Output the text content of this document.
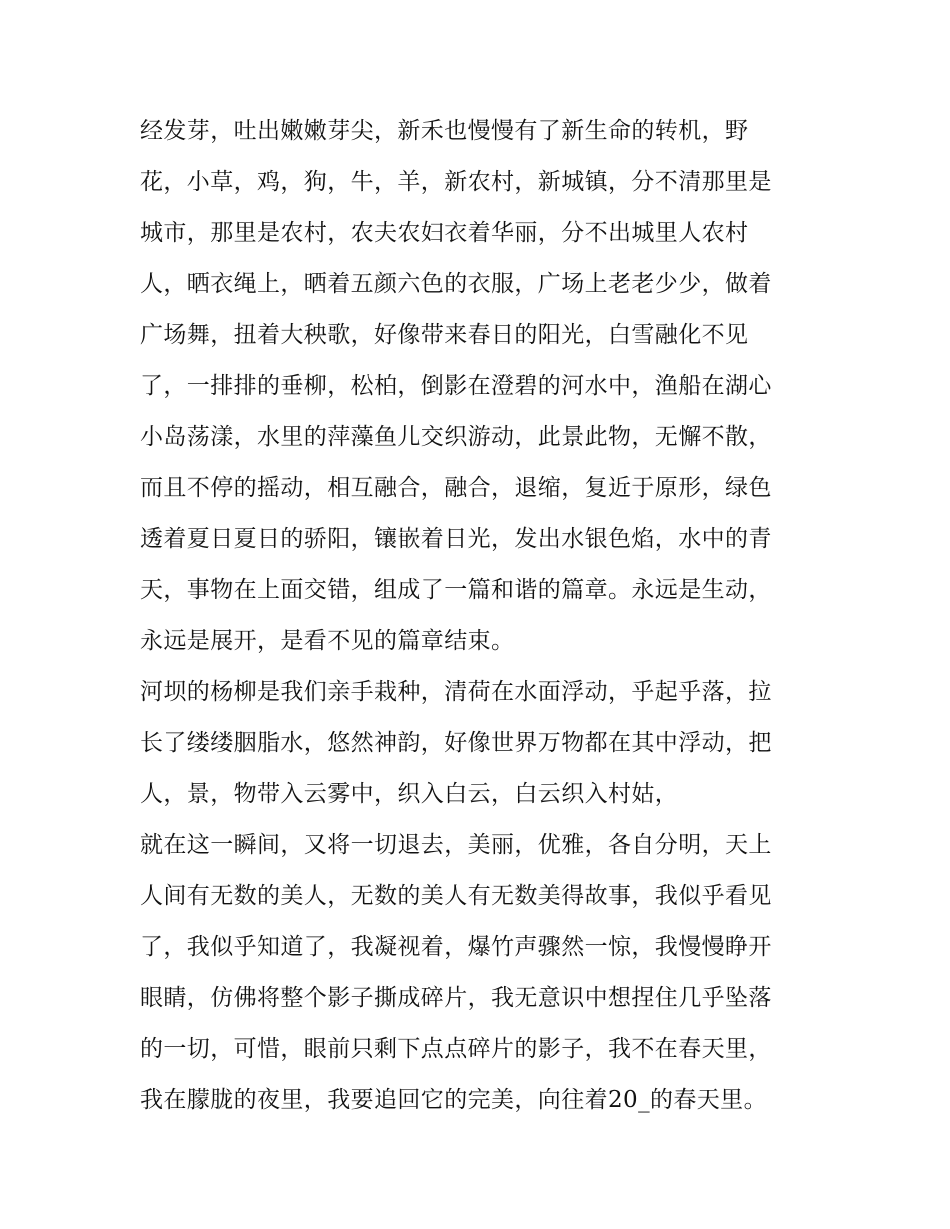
经发芽，吐出嫩嫩芽尖，新禾也慢慢有了新生命的转机，野
花，小草，鸡，狗，牛，羊，新农村，新城镇，分不清那里是
城市，那里是农村，农夫农妇衣着华丽，分不出城里人农村
人，晒衣绳上，晒着五颜六色的衣服，广场上老老少少，做着
广场舞，扭着大秧歌，好像带来春日的阳光，白雪融化不见
了，一排排的垂柳，松柏，倒影在澄碧的河水中，渔船在湖心
小岛荡漾，水里的萍藻鱼儿交织游动，此景此物，无懈不散，
而且不停的摇动，相互融合，融合，退缩，复近于原形，绿色
透着夏日夏日的骄阳，镶嵌着日光，发出水银色焰，水中的青
天，事物在上面交错，组成了一篇和谐的篇章。永远是生动，
永远是展开，是看不见的篇章结束。
河坝的杨柳是我们亲手栽种，清荷在水面浮动，乎起乎落，拉
长了缕缕胭脂水，悠然神韵，好像世界万物都在其中浮动，把
人，景，物带入云雾中，织入白云，白云织入村姑，
就在这一瞬间，又将一切退去，美丽，优雅，各自分明，天上
人间有无数的美人，无数的美人有无数美得故事，我似乎看见
了，我似乎知道了，我凝视着，爆竹声骤然一惊，我慢慢睁开
眼睛，仿佛将整个影子撕成碎片，我无意识中想捏住几乎坠落
的一切，可惜，眼前只剩下点点碎片的影子，我不在春天里，
我在朦胧的夜里，我要追回它的完美，向往着20_的春天里。
